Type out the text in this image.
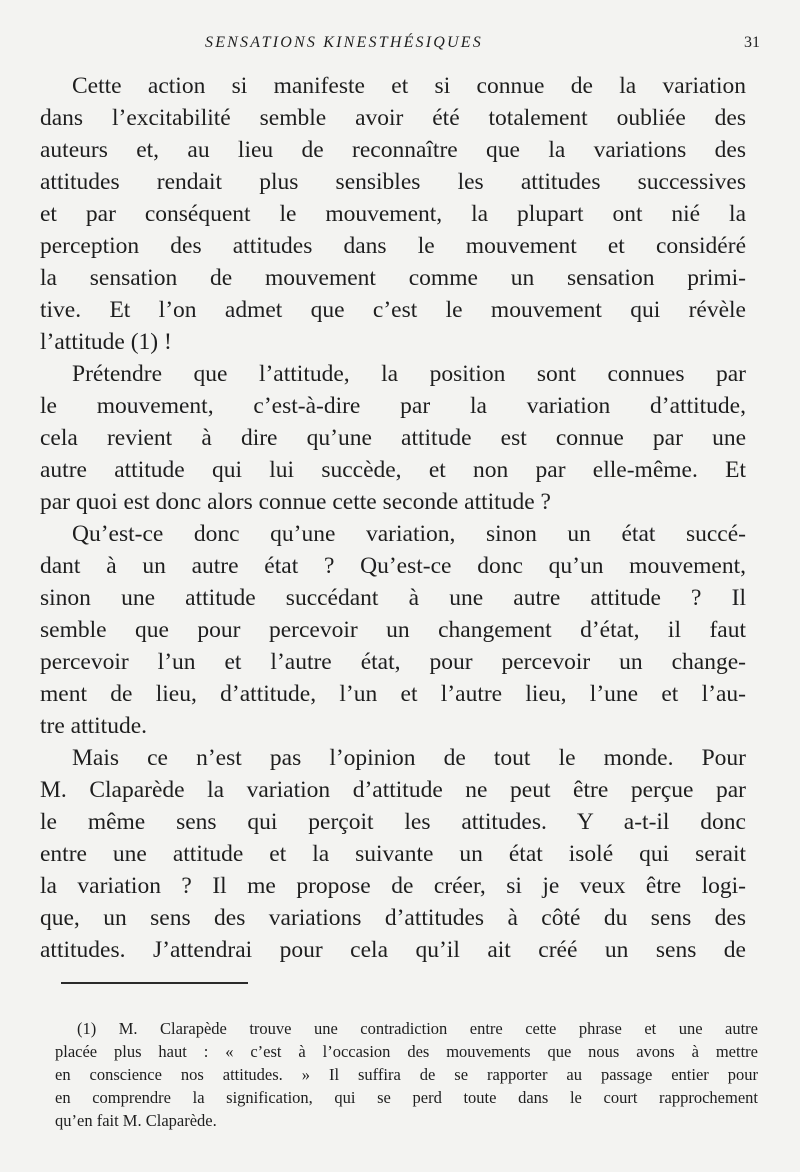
SENSATIONS KINESTHÉSIQUES	31
Cette action si manifeste et si connue de la variation
dans l’excitabilité semble avoir été totalement oubliée des
auteurs et, au lieu de reconnaître que la variations des
attitudes rendait plus sensibles les attitudes successives
et par conséquent le mouvement, la plupart ont nié la
perception des attitudes dans le mouvement et considéré
la sensation de mouvement comme un sensation primi-
tive. Et l’on admet que c’est le mouvement qui révèle
l’attitude (1) !
Prétendre que l’attitude, la position sont connues par
le mouvement, c’est-à-dire par la variation d’attitude,
cela revient à dire qu’une attitude est connue par une
autre attitude qui lui succède, et non par elle-même. Et
par quoi est donc alors connue cette seconde attitude ?
Qu’est-ce donc qu’une variation, sinon un état succé-
dant à un autre état ? Qu’est-ce donc qu’un mouvement,
sinon une attitude succédant à une autre attitude ? Il
semble que pour percevoir un changement d’état, il faut
percevoir l’un et l’autre état, pour percevoir un change-
ment de lieu, d’attitude, l’un et l’autre lieu, l’une et l’au-
tre attitude.
Mais ce n’est pas l’opinion de tout le monde. Pour
M. Claparède la variation d’attitude ne peut être perçue par
le même sens qui perçoit les attitudes. Y a-t-il donc
entre une attitude et la suivante un état isolé qui serait
la variation ? Il me propose de créer, si je veux être logi-
que, un sens des variations d’attitudes à côté du sens des
attitudes. J’attendrai pour cela qu’il ait créé un sens de
(1) M. Clarapède trouve une contradiction entre cette phrase et une autre
placée plus haut : « c’est à l’occasion des mouvements que nous avons à mettre
en conscience nos attitudes. » Il suffira de se rapporter au passage entier pour
en comprendre la signification, qui se perd toute dans le court rapprochement
qu’en fait M. Claparède.
